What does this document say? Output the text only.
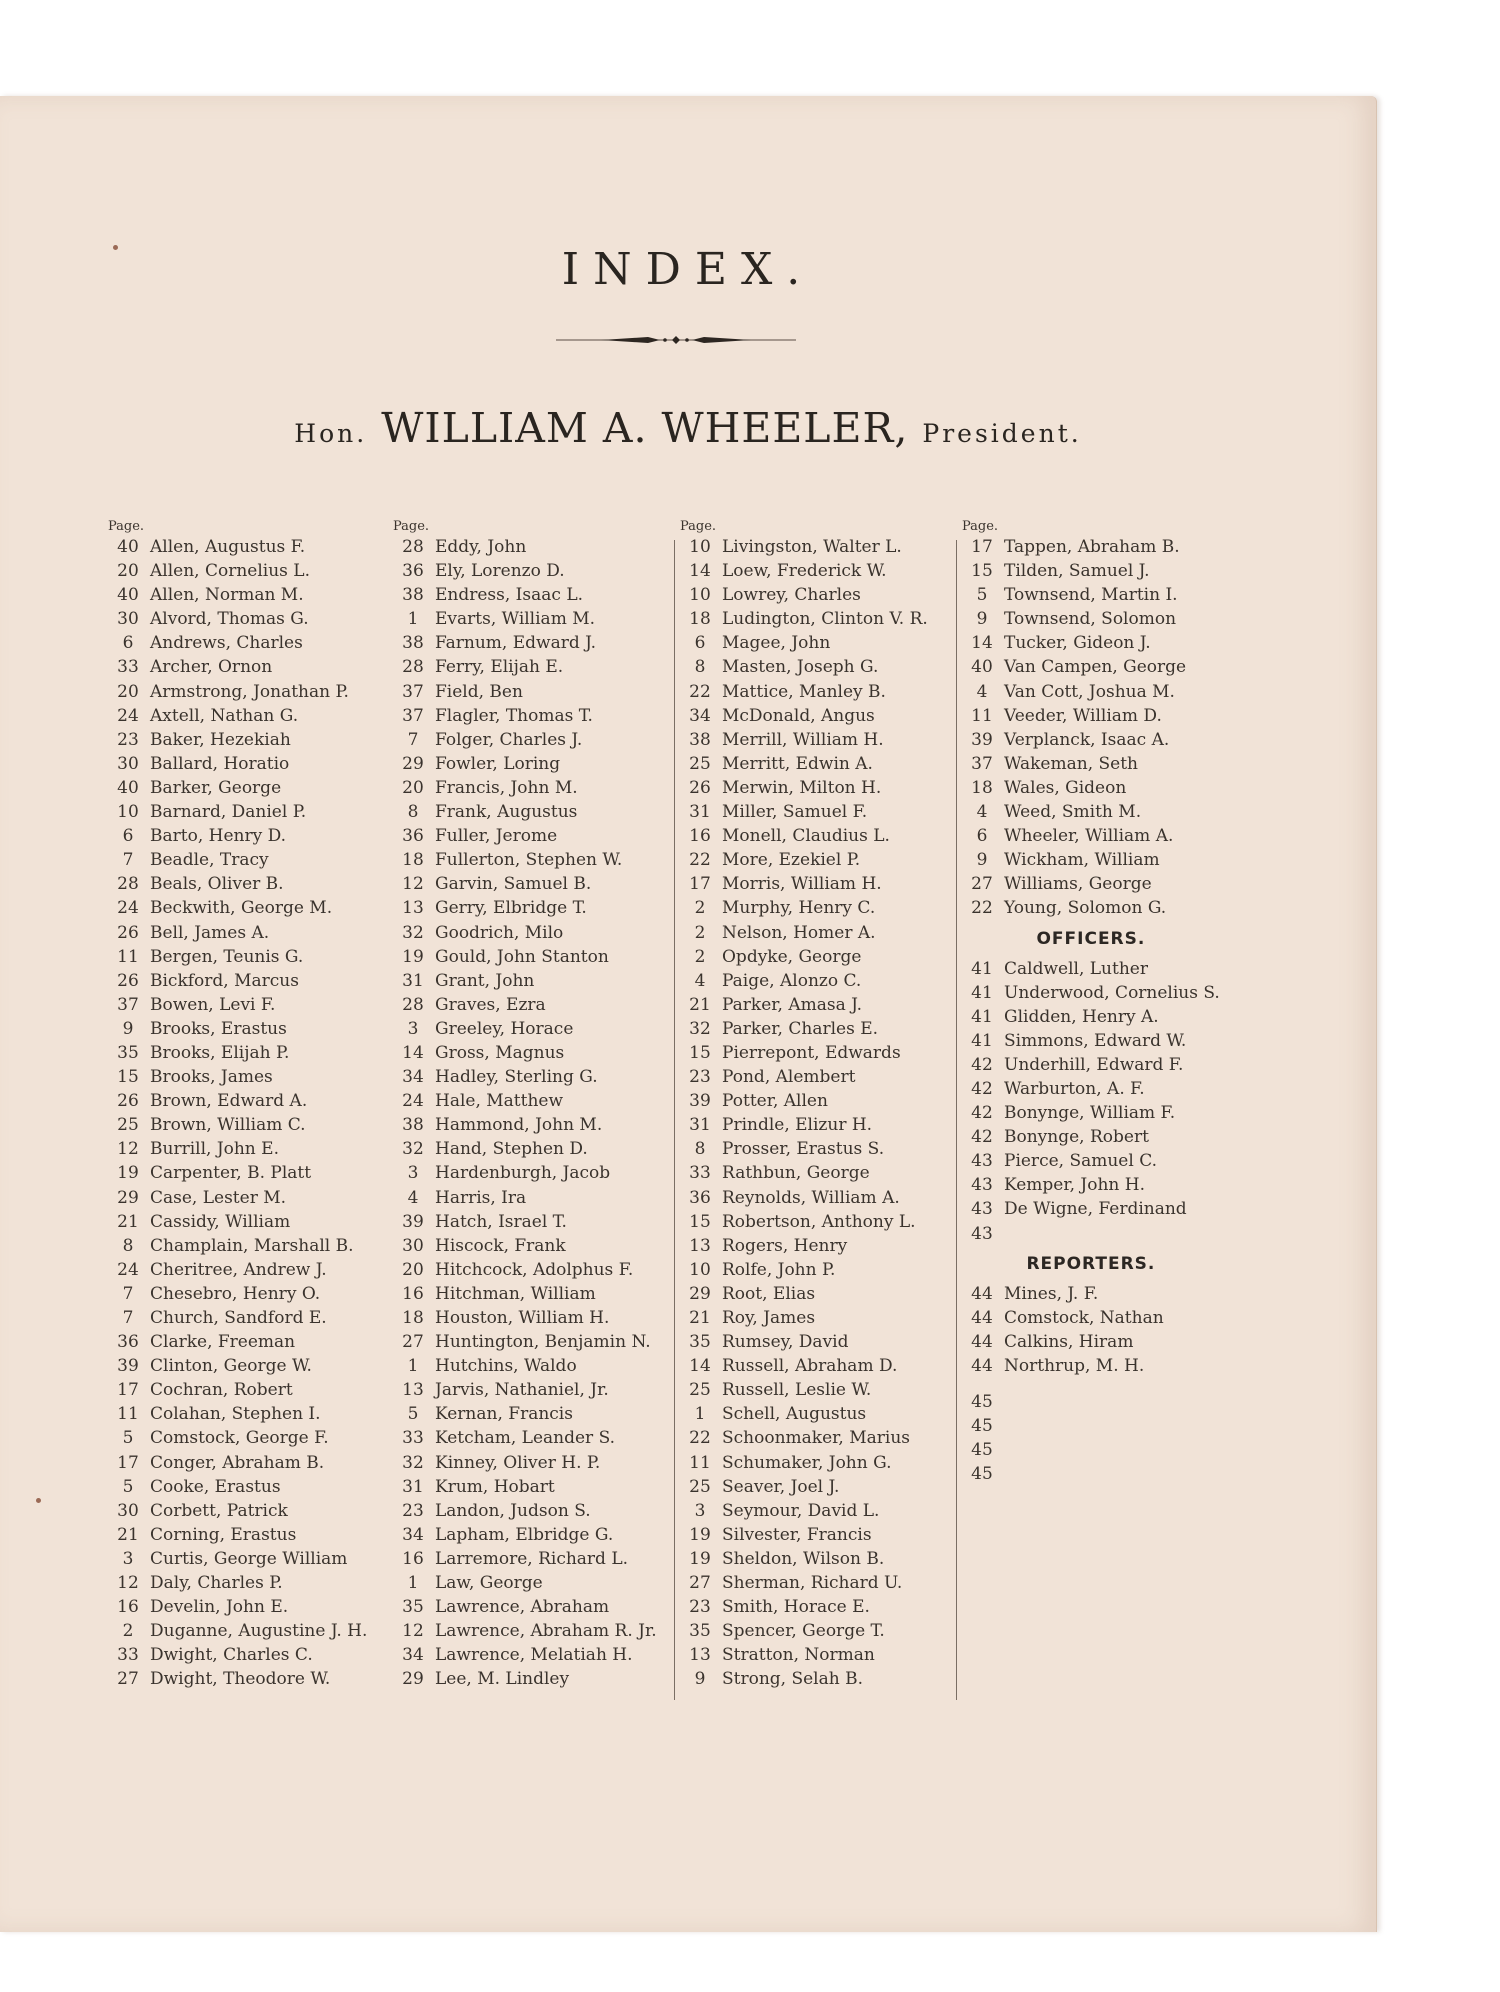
INDEX.
Hon. WILLIAM A. WHEELER, President.
Page.
40 Allen, Augustus F.
20 Allen, Cornelius L.
40 Allen, Norman M.
30 Alvord, Thomas G.
6 Andrews, Charles
33 Archer, Ornon
20 Armstrong, Jonathan P.
24 Axtell, Nathan G.
23 Baker, Hezekiah
30 Ballard, Horatio
40 Barker, George
10 Barnard, Daniel P.
6 Barto, Henry D.
7 Beadle, Tracy
28 Beals, Oliver B.
24 Beckwith, George M.
26 Bell, James A.
11 Bergen, Teunis G.
26 Bickford, Marcus
37 Bowen, Levi F.
9 Brooks, Erastus
35 Brooks, Elijah P.
15 Brooks, James
26 Brown, Edward A.
25 Brown, William C.
12 Burrill, John E.
19 Carpenter, B. Platt
29 Case, Lester M.
21 Cassidy, William
8 Champlain, Marshall B.
24 Cheritree, Andrew J.
7 Chesebro, Henry O.
7 Church, Sandford E.
36 Clarke, Freeman
39 Clinton, George W.
17 Cochran, Robert
11 Colahan, Stephen I.
5 Comstock, George F.
17 Conger, Abraham B.
5 Cooke, Erastus
30 Corbett, Patrick
21 Corning, Erastus
3 Curtis, George William
12 Daly, Charles P.
16 Develin, John E.
2 Duganne, Augustine J. H.
33 Dwight, Charles C.
27 Dwight, Theodore W.
Page.
28 Eddy, John
36 Ely, Lorenzo D.
38 Endress, Isaac L.
1 Evarts, William M.
38 Farnum, Edward J.
28 Ferry, Elijah E.
37 Field, Ben
37 Flagler, Thomas T.
7 Folger, Charles J.
29 Fowler, Loring
20 Francis, John M.
8 Frank, Augustus
36 Fuller, Jerome
18 Fullerton, Stephen W.
12 Garvin, Samuel B.
13 Gerry, Elbridge T.
32 Goodrich, Milo
19 Gould, John Stanton
31 Grant, John
28 Graves, Ezra
3 Greeley, Horace
14 Gross, Magnus
34 Hadley, Sterling G.
24 Hale, Matthew
38 Hammond, John M.
32 Hand, Stephen D.
3 Hardenburgh, Jacob
4 Harris, Ira
39 Hatch, Israel T.
30 Hiscock, Frank
20 Hitchcock, Adolphus F.
16 Hitchman, William
18 Houston, William H.
27 Huntington, Benjamin N.
1 Hutchins, Waldo
13 Jarvis, Nathaniel, Jr.
5 Kernan, Francis
33 Ketcham, Leander S.
32 Kinney, Oliver H. P.
31 Krum, Hobart
23 Landon, Judson S.
34 Lapham, Elbridge G.
16 Larremore, Richard L.
1 Law, George
35 Lawrence, Abraham
12 Lawrence, Abraham R. Jr.
34 Lawrence, Melatiah H.
29 Lee, M. Lindley
Page.
10 Livingston, Walter L.
14 Loew, Frederick W.
10 Lowrey, Charles
18 Ludington, Clinton V. R.
6 Magee, John
8 Masten, Joseph G.
22 Mattice, Manley B.
34 McDonald, Angus
38 Merrill, William H.
25 Merritt, Edwin A.
26 Merwin, Milton H.
31 Miller, Samuel F.
16 Monell, Claudius L.
22 More, Ezekiel P.
17 Morris, William H.
2 Murphy, Henry C.
2 Nelson, Homer A.
2 Opdyke, George
4 Paige, Alonzo C.
21 Parker, Amasa J.
32 Parker, Charles E.
15 Pierrepont, Edwards
23 Pond, Alembert
39 Potter, Allen
31 Prindle, Elizur H.
8 Prosser, Erastus S.
33 Rathbun, George
36 Reynolds, William A.
15 Robertson, Anthony L.
13 Rogers, Henry
10 Rolfe, John P.
29 Root, Elias
21 Roy, James
35 Rumsey, David
14 Russell, Abraham D.
25 Russell, Leslie W.
1 Schell, Augustus
22 Schoonmaker, Marius
11 Schumaker, John G.
25 Seaver, Joel J.
3 Seymour, David L.
19 Silvester, Francis
19 Sheldon, Wilson B.
27 Sherman, Richard U.
23 Smith, Horace E.
35 Spencer, George T.
13 Stratton, Norman
9 Strong, Selah B.
Page.
17 Tappen, Abraham B.
15 Tilden, Samuel J.
5 Townsend, Martin I.
9 Townsend, Solomon
14 Tucker, Gideon J.
40 Van Campen, George
4 Van Cott, Joshua M.
11 Veeder, William D.
39 Verplanck, Isaac A.
37 Wakeman, Seth
18 Wales, Gideon
4 Weed, Smith M.
6 Wheeler, William A.
9 Wickham, William
27 Williams, George
22 Young, Solomon G.
OFFICERS.
41 Caldwell, Luther
41 Underwood, Cornelius S.
41 Glidden, Henry A.
41 Simmons, Edward W.
42 Underhill, Edward F.
42 Warburton, A. F.
42 Bonynge, William F.
42 Bonynge, Robert
43 Pierce, Samuel C.
43 Kemper, John H.
43 De Wigne, Ferdinand
43
REPORTERS.
44 Mines, J. F.
44 Comstock, Nathan
44 Calkins, Hiram
44 Northrup, M. H.
45
45
45
45
